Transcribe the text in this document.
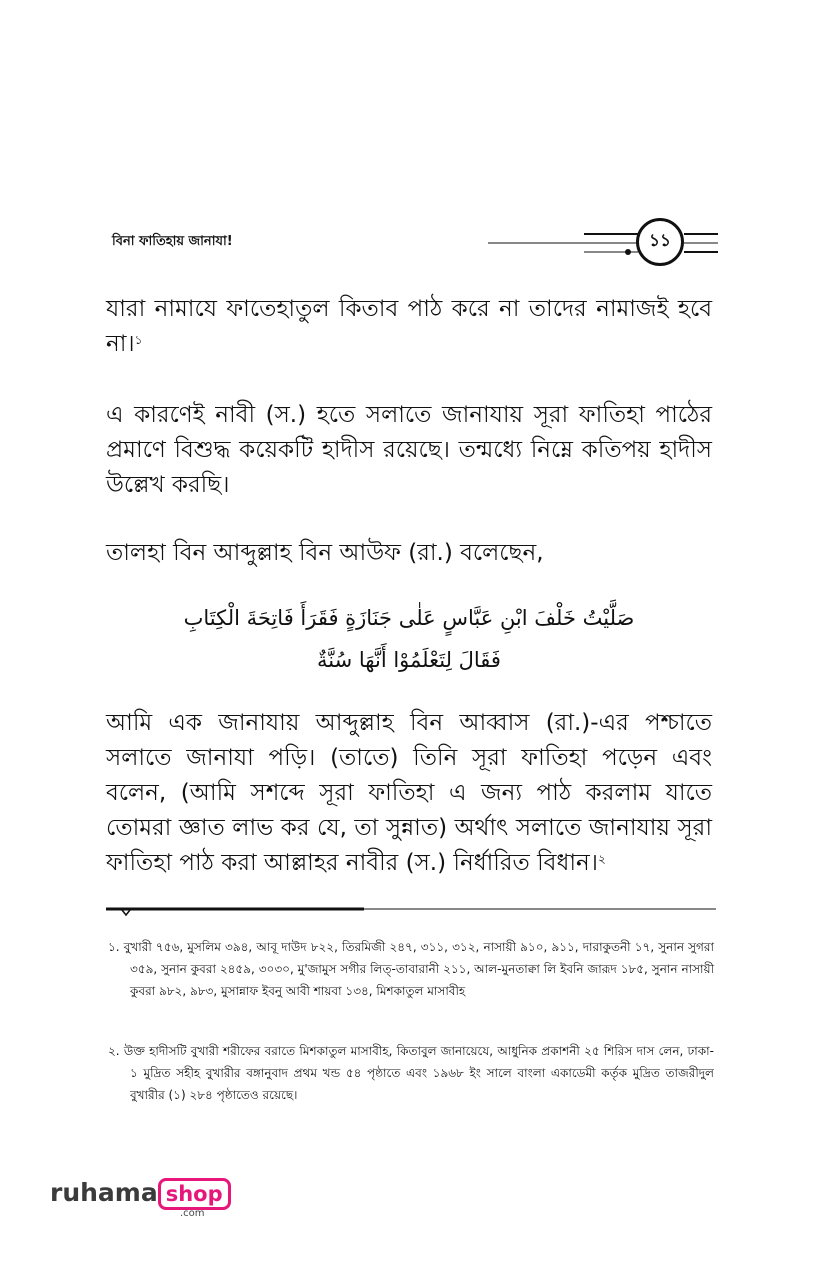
বিনা ফাতিহায় জানাযা!	১১
যারা নামাযে ফাতেহাতুল কিতাব পাঠ করে না তাদের নামাজই হবে না।$^১$
এ কারণেই নাবী (স.) হতে সলাতে জানাযায় সূরা ফাতিহা পাঠের প্রমাণে বিশুদ্ধ কয়েকটি হাদীস রয়েছে। তন্মধ্যে নিম্নে কতিপয় হাদীস উল্লেখ করছি।
তালহা বিন আব্দুল্লাহ বিন আউফ (রা.) বলেছেন,
صَلَّيْتُ خَلْفَ ابْنِ عَبَّاسٍ عَلٰى جَنَازَةٍ فَقَرَأَ فَاتِحَةَ الْكِتَابِ
فَقَالَ لِتَعْلَمُوْا أَنَّهَا سُنَّةٌ
আমি এক জানাযায় আব্দুল্লাহ বিন আব্বাস (রা.)-এর পশ্চাতে সলাতে জানাযা পড়ি। (তাতে) তিনি সূরা ফাতিহা পড়েন এবং বলেন, (আমি সশব্দে সূরা ফাতিহা এ জন্য পাঠ করলাম যাতে তোমরা জ্ঞাত লাভ কর যে, তা সুন্নাত) অর্থাৎ সলাতে জানাযায় সূরা ফাতিহা পাঠ করা আল্লাহর নাবীর (স.) নির্ধারিত বিধান।$^২$
১. বুখারী ৭৫৬, মুসলিম ৩৯৪, আবূ দাউদ ৮২২, তিরমিজী ২৪৭, ৩১১, ৩১২, নাসায়ী ৯১০, ৯১১, দারাকুতনী ১৭, সুনান সুগরা ৩৫৯, সুনান কুবরা ২৪৫৯, ৩০৩০, মু'জামুস সগীর লিত্-তাবারানী ২১১, আল-মুনতাক্বা লি ইবনি জারূদ ১৮৫, সুনান নাসায়ী কুবরা ৯৮২, ৯৮৩, মুসান্নাফ ইবনু আবী শায়বা ১৩৪, মিশকাতুল মাসাবীহ
২. উক্ত হাদীসটি বুখারী শরীফের বরাতে মিশকাতুল মাসাবীহ, কিতাবুল জানায়েযে, আধুনিক প্রকাশনী ২৫ শিরিস দাস লেন, ঢাকা- ১ মুদ্রিত সহীহ বুখারীর বঙ্গানুবাদ প্রথম খন্ড ৫৪ পৃষ্ঠাতে এবং ১৯৬৮ ইং সালে বাংলা একাডেমী কর্তৃক মুদ্রিত তাজরীদুল বুখারীর (১) ২৮৪ পৃষ্ঠাতেও রয়েছে।
ruhama shop
.com
